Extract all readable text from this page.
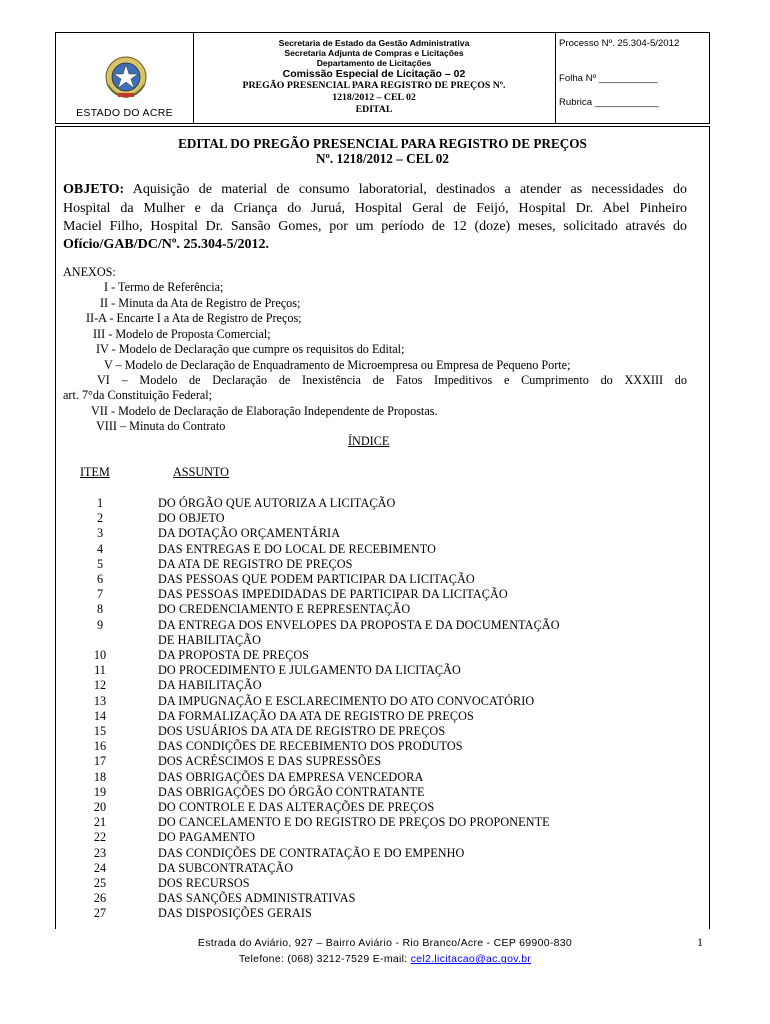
ESTADO DO ACRE
Secretaria de Estado da Gestão Administrativa
Secretaria Adjunta de Compras e Licitações
Departamento de Licitações
Comissão Especial de Licitação – 02
PREGÃO PRESENCIAL PARA REGISTRO DE PREÇOS Nº.
1218/2012 – CEL 02
EDITAL
Processo Nº. 25.304-5/2012
Folha Nº ___________
Rubrica ____________
EDITAL DO PREGÃO PRESENCIAL PARA REGISTRO DE PREÇOS
Nº. 1218/2012 – CEL 02
OBJETO: Aquisição de material de consumo laboratorial, destinados a atender as necessidades do
Hospital da Mulher e da Criança do Juruá, Hospital Geral de Feijó, Hospital Dr. Abel Pinheiro
Maciel Filho, Hospital Dr. Sansão Gomes, por um período de 12 (doze) meses, solicitado através do
Ofício/GAB/DC/Nº. 25.304-5/2012.
ANEXOS:
I - Termo de Referência;
II - Minuta da Ata de Registro de Preços;
II-A - Encarte I a Ata de Registro de Preços;
III - Modelo de Proposta Comercial;
IV - Modelo de Declaração que cumpre os requisitos do Edital;
V – Modelo de Declaração de Enquadramento de Microempresa ou Empresa de Pequeno Porte;
VI – Modelo de Declaração de Inexistência de Fatos Impeditivos e Cumprimento do XXXIII do
art. 7°da Constituição Federal;
VII - Modelo de Declaração de Elaboração Independente de Propostas.
VIII – Minuta do Contrato
ÍNDICE
ITEM	ASSUNTO
1	DO ÓRGÃO QUE AUTORIZA A LICITAÇÃO
2	DO OBJETO
3	DA DOTAÇÃO ORÇAMENTÁRIA
4	DAS ENTREGAS E DO LOCAL DE RECEBIMENTO
5	DA ATA DE REGISTRO DE PREÇOS
6	DAS PESSOAS QUE PODEM PARTICIPAR DA LICITAÇÃO
7	DAS PESSOAS IMPEDIDADAS DE PARTICIPAR DA LICITAÇÃO
8	DO CREDENCIAMENTO E REPRESENTAÇÃO
9	DA ENTREGA DOS ENVELOPES DA PROPOSTA E DA DOCUMENTAÇÃO
DE HABILITAÇÃO
10	DA PROPOSTA DE PREÇOS
11	DO PROCEDIMENTO E JULGAMENTO DA LICITAÇÃO
12	DA HABILITAÇÃO
13	DA IMPUGNAÇÃO E ESCLARECIMENTO DO ATO CONVOCATÓRIO
14	DA FORMALIZAÇÃO DA ATA DE REGISTRO DE PREÇOS
15	DOS USUÁRIOS DA ATA DE REGISTRO DE PREÇOS
16	DAS CONDIÇÕES DE RECEBIMENTO DOS PRODUTOS
17	DOS ACRÉSCIMOS E DAS SUPRESSÕES
18	DAS OBRIGAÇÕES DA EMPRESA VENCEDORA
19	DAS OBRIGAÇÕES DO ÓRGÃO CONTRATANTE
20	DO CONTROLE E DAS ALTERAÇÕES DE PREÇOS
21	DO CANCELAMENTO E DO REGISTRO DE PREÇOS DO PROPONENTE
22	DO PAGAMENTO
23	DAS CONDIÇÕES DE CONTRATAÇÃO E DO EMPENHO
24	DA SUBCONTRATAÇÃO
25	DOS RECURSOS
26	DAS SANÇÕES ADMINISTRATIVAS
27	DAS DISPOSIÇÕES GERAIS
Estrada do Aviário, 927 – Bairro Aviário - Rio Branco/Acre - CEP 69900-830
Telefone: (068) 3212-7529 E-mail: cel2.licitacao@ac.gov.br
1
